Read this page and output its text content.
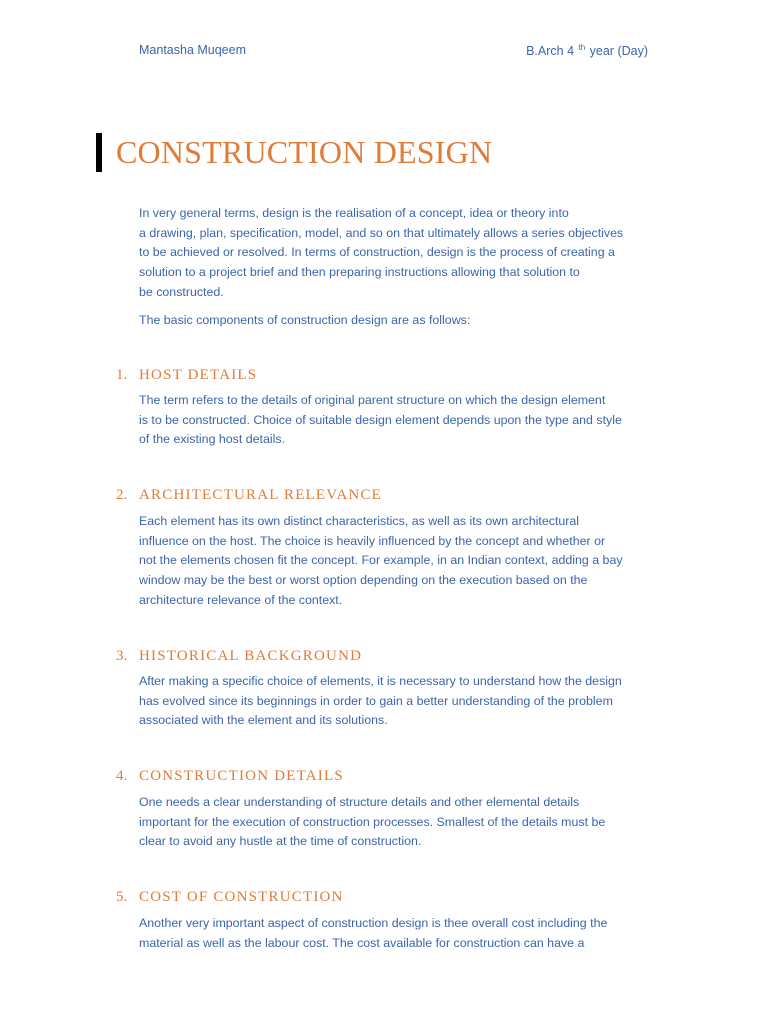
Mantasha Muqeem	B.Arch 4 $^{th}$ year (Day)
CONSTRUCTION DESIGN
In very general terms, design is the realisation of a concept, idea or theory into
a drawing, plan, specification, model, and so on that ultimately allows a series objectives
to be achieved or resolved. In terms of construction, design is the process of creating a
solution to a project brief and then preparing instructions allowing that solution to
be constructed.
The basic components of construction design are as follows:
1. HOST DETAILS
The term refers to the details of original parent structure on which the design element
is to be constructed. Choice of suitable design element depends upon the type and style
of the existing host details.
2. ARCHITECTURAL RELEVANCE
Each element has its own distinct characteristics, as well as its own architectural
influence on the host. The choice is heavily influenced by the concept and whether or
not the elements chosen fit the concept. For example, in an Indian context, adding a bay
window may be the best or worst option depending on the execution based on the
architecture relevance of the context.
3. HISTORICAL BACKGROUND
After making a specific choice of elements, it is necessary to understand how the design
has evolved since its beginnings in order to gain a better understanding of the problem
associated with the element and its solutions.
4. CONSTRUCTION DETAILS
One needs a clear understanding of structure details and other elemental details
important for the execution of construction processes. Smallest of the details must be
clear to avoid any hustle at the time of construction.
5. COST OF CONSTRUCTION
Another very important aspect of construction design is thee overall cost including the
material as well as the labour cost. The cost available for construction can have a
